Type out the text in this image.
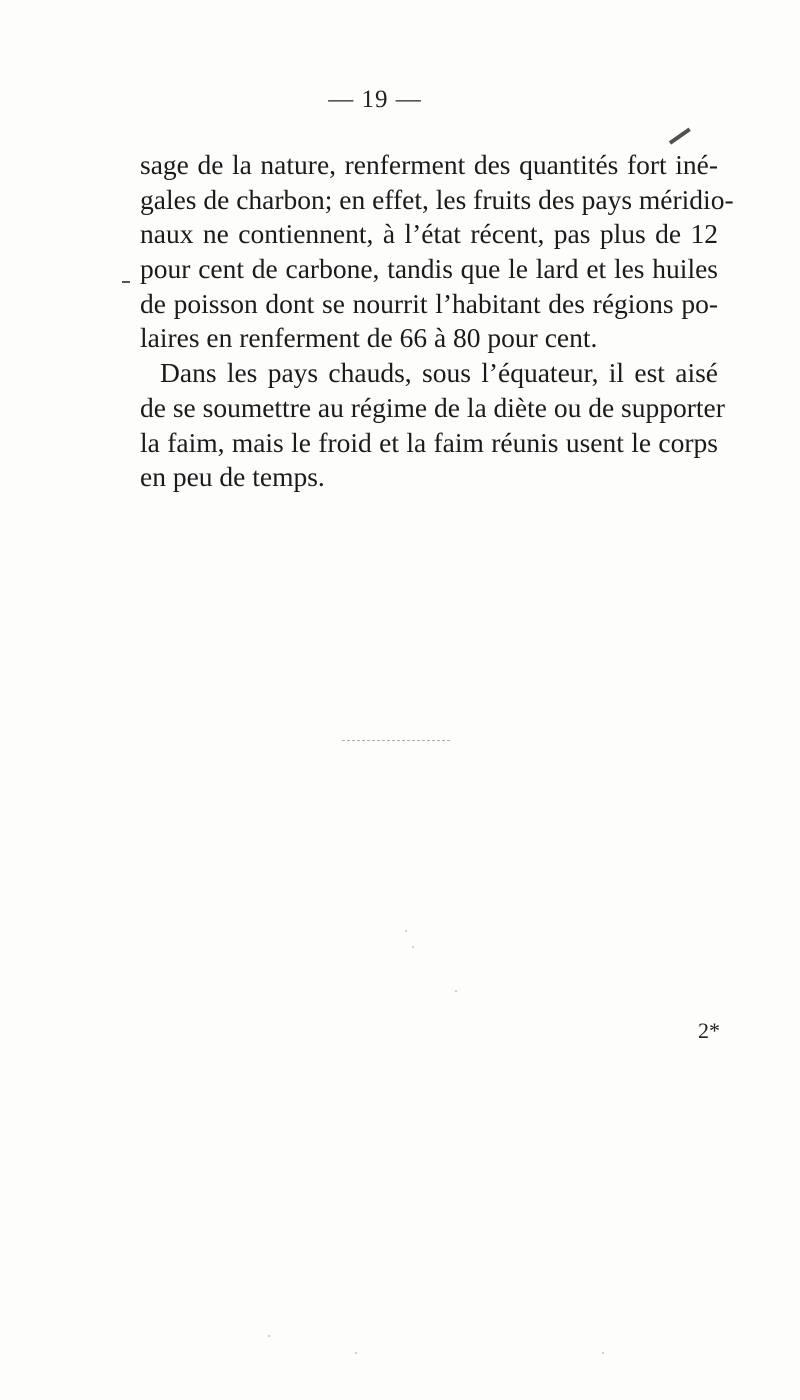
— 19 —
sage de la nature, renferment des quantités fort iné-
gales de charbon; en effet, les fruits des pays méridio-
naux ne contiennent, à l’état récent, pas plus de 12
pour cent de carbone, tandis que le lard et les huiles
de poisson dont se nourrit l’habitant des régions po-
laires en renferment de 66 à 80 pour cent.
Dans les pays chauds, sous l’équateur, il est aisé
de se soumettre au régime de la diète ou de supporter
la faim, mais le froid et la faim réunis usent le corps
en peu de temps.
2*
